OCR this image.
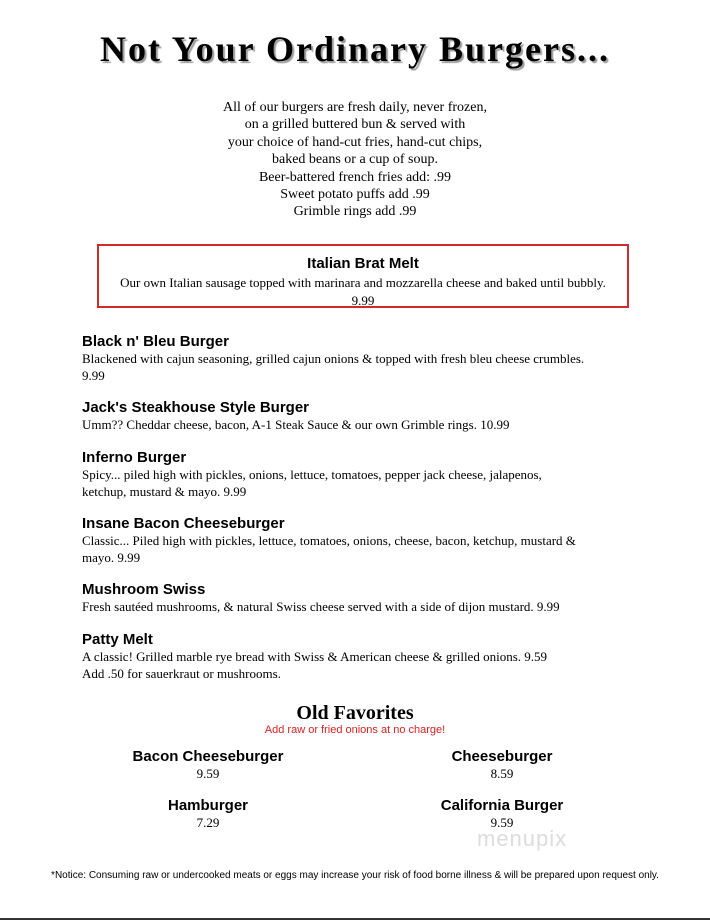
Not Your Ordinary Burgers...
All of our burgers are fresh daily, never frozen,
on a grilled buttered bun & served with
your choice of hand-cut fries, hand-cut chips,
baked beans or a cup of soup.
Beer-battered french fries add: .99
Sweet potato puffs add .99
Grimble rings add .99
Italian Brat Melt
Our own Italian sausage topped with marinara and mozzarella cheese and baked until bubbly.
9.99
Black n' Bleu Burger
Blackened with cajun seasoning, grilled cajun onions & topped with fresh bleu cheese crumbles.
9.99
Jack's Steakhouse Style Burger
Umm?? Cheddar cheese, bacon, A-1 Steak Sauce & our own Grimble rings. 10.99
Inferno Burger
Spicy... piled high with pickles, onions, lettuce, tomatoes, pepper jack cheese, jalapenos,
ketchup, mustard & mayo. 9.99
Insane Bacon Cheeseburger
Classic... Piled high with pickles, lettuce, tomatoes, onions, cheese, bacon, ketchup, mustard &
mayo. 9.99
Mushroom Swiss
Fresh sautéed mushrooms, & natural Swiss cheese served with a side of dijon mustard. 9.99
Patty Melt
A classic! Grilled marble rye bread with Swiss & American cheese & grilled onions. 9.59
Add .50 for sauerkraut or mushrooms.
Old Favorites
Add raw or fried onions at no charge!
Bacon Cheeseburger
9.59
Cheeseburger
8.59
Hamburger
7.29
California Burger
9.59
menupix
*Notice: Consuming raw or undercooked meats or eggs may increase your risk of food borne illness & will be prepared upon request only.
